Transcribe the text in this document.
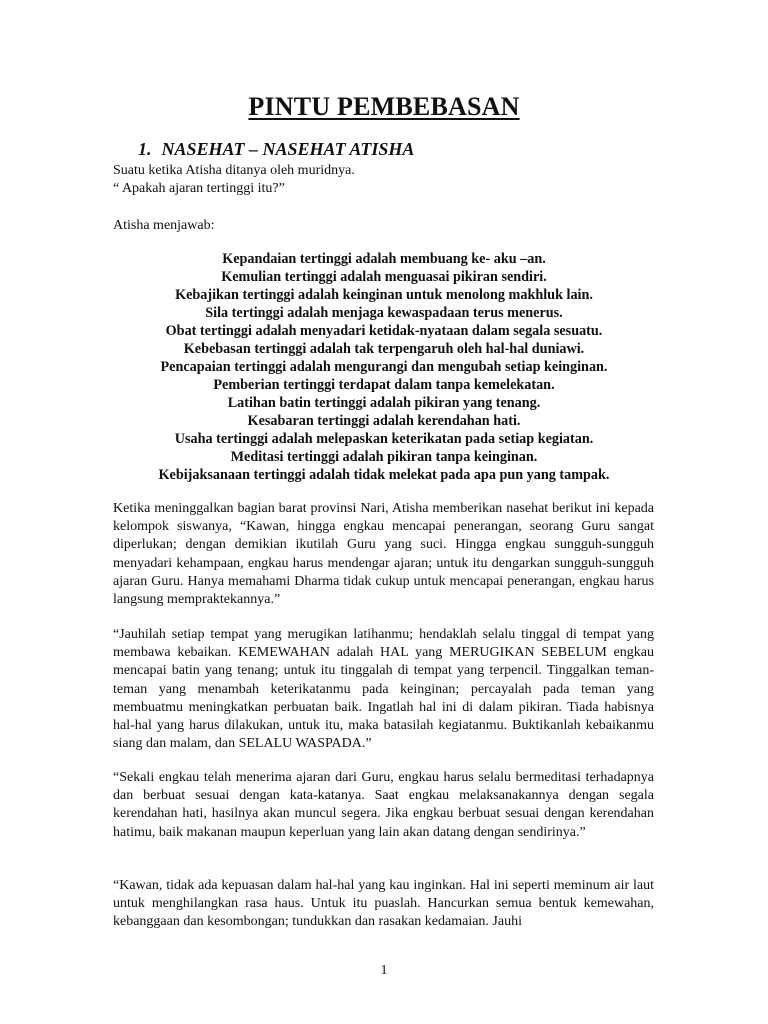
PINTU PEMBEBASAN
1. NASEHAT – NASEHAT ATISHA
Suatu ketika Atisha ditanya oleh muridnya.
“ Apakah ajaran tertinggi itu?”

Atisha menjawab:

Kepandaian tertinggi adalah membuang ke- aku –an.
Kemulian tertinggi adalah menguasai pikiran sendiri.
Kebajikan tertinggi adalah keinginan untuk menolong makhluk lain.
Sila tertinggi adalah menjaga kewaspadaan terus menerus.
Obat tertinggi adalah menyadari ketidak-nyataan dalam segala sesuatu.
Kebebasan tertinggi adalah tak terpengaruh oleh hal-hal duniawi.
Pencapaian tertinggi adalah mengurangi dan mengubah setiap keinginan.
Pemberian tertinggi terdapat dalam tanpa kemelekatan.
Latihan batin tertinggi adalah pikiran yang tenang.
Kesabaran tertinggi adalah kerendahan hati.
Usaha tertinggi adalah melepaskan keterikatan pada setiap kegiatan.
Meditasi tertinggi adalah pikiran tanpa keinginan.
Kebijaksanaan tertinggi adalah tidak melekat pada apa pun yang tampak.

Ketika meninggalkan bagian barat provinsi Nari, Atisha memberikan nasehat berikut ini kepada kelompok siswanya, “Kawan, hingga engkau mencapai penerangan, seorang Guru sangat diperlukan; dengan demikian ikutilah Guru yang suci. Hingga engkau sungguh-sungguh menyadari kehampaan, engkau harus mendengar ajaran; untuk itu dengarkan sungguh-sungguh ajaran Guru. Hanya memahami Dharma tidak cukup untuk mencapai penerangan, engkau harus langsung mempraktekannya.”

“Jauhilah setiap tempat yang merugikan latihanmu; hendaklah selalu tinggal di tempat yang membawa kebaikan. KEMEWAHAN adalah HAL yang MERUGIKAN SEBELUM engkau mencapai batin yang tenang; untuk itu tinggalah di tempat yang terpencil. Tinggalkan teman-teman yang menambah keterikatanmu pada keinginan; percayalah pada teman yang membuatmu meningkatkan perbuatan baik. Ingatlah hal ini di dalam pikiran. Tiada habisnya hal-hal yang harus dilakukan, untuk itu, maka batasilah kegiatanmu. Buktikanlah kebaikanmu siang dan malam, dan SELALU WASPADA.”

“Sekali engkau telah menerima ajaran dari Guru, engkau harus selalu bermeditasi terhadapnya dan berbuat sesuai dengan kata-katanya. Saat engkau melaksanakannya dengan segala kerendahan hati, hasilnya akan muncul segera. Jika engkau berbuat sesuai dengan kerendahan hatimu, baik makanan maupun keperluan yang lain akan datang dengan sendirinya.”

“Kawan, tidak ada kepuasan dalam hal-hal yang kau inginkan. Hal ini seperti meminum air laut untuk menghilangkan rasa haus. Untuk itu puaslah. Hancurkan semua bentuk kemewahan, kebanggaan dan kesombongan; tundukkan dan rasakan kedamaian. Jauhi

1
